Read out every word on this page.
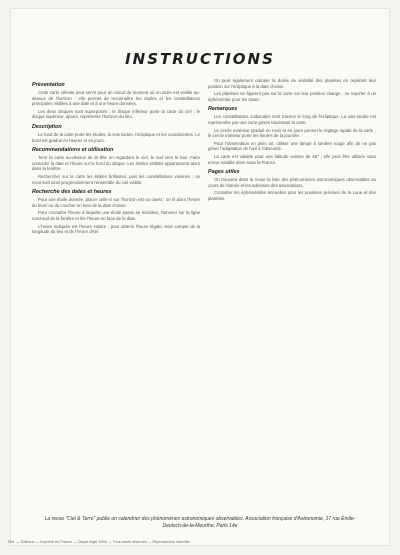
INSTRUCTIONS
Présentation
Cette carte céleste peut servir pour un calcul du moment où un astre est visible au-dessus de l'horizon ; elle permet de reconnaître les étoiles et les constellations principales visibles à une date et à une heure données.
Les deux disques sont superposés : le disque inférieur porte la carte du ciel ; le disque supérieur, ajouré, représente l'horizon du lieu.
Description
Le fond de la carte porte les étoiles, la voie lactée, l'écliptique et les coordonnées. Le bord est gradué en heures et en jours.
Recommandations et utilisation
Tenir la carte au-dessus de la tête en regardant le ciel, le sud vers le bas. Faire coïncider la date et l'heure sur le bord du disque. Les étoiles visibles apparaissent alors dans la fenêtre.
Rechercher sur la carte les étoiles brillantes, puis les constellations voisines ; on reconnaît ainsi progressivement l'ensemble du ciel visible.
Recherche des dates et heures
Pour une étoile donnée, placer celle-ci sur l'horizon est ou ouest ; on lit alors l'heure du lever ou du coucher en face de la date choisie.
Pour connaître l'heure à laquelle une étoile passe au méridien, l'amener sur la ligne nord-sud de la fenêtre et lire l'heure en face de la date.
L'heure indiquée est l'heure solaire ; pour obtenir l'heure légale, tenir compte de la longitude du lieu et de l'heure d'été.
On peut également calculer la durée de visibilité des planètes en repérant leur position sur l'écliptique à la date choisie.
Les planètes ne figurent pas sur la carte car leur position change ; se reporter à un éphéméride pour les situer.
Remarques
Les constellations zodiacales sont tracées le long de l'écliptique. La voie lactée est représentée par une zone grisée traversant la carte.
Le cercle extérieur gradué en mois et en jours permet le réglage rapide de la carte ; le cercle intérieur porte les heures de la journée.
Pour l'observation en plein air, utiliser une lampe à lumière rouge afin de ne pas gêner l'adaptation de l'œil à l'obscurité.
La carte est valable pour une latitude voisine de 48° ; elle peut être utilisée sans erreur notable dans toute la France.
Pages utiles
On trouvera dans la revue la liste des phénomènes astronomiques observables au cours de l'année et les adresses des associations.
Consulter les éphémérides annuelles pour les positions précises de la Lune et des planètes.
La revue "Ciel & Terre" publie un calendrier des phénomènes astronomiques observables. Association française d'Astronomie, 17 rue Émile-Deutsch-de-la-Meurthe, Paris 14e
Réf. — Éditions — Imprimé en France — Dépôt légal 1966 — Tous droits réservés — Reproduction interdite
